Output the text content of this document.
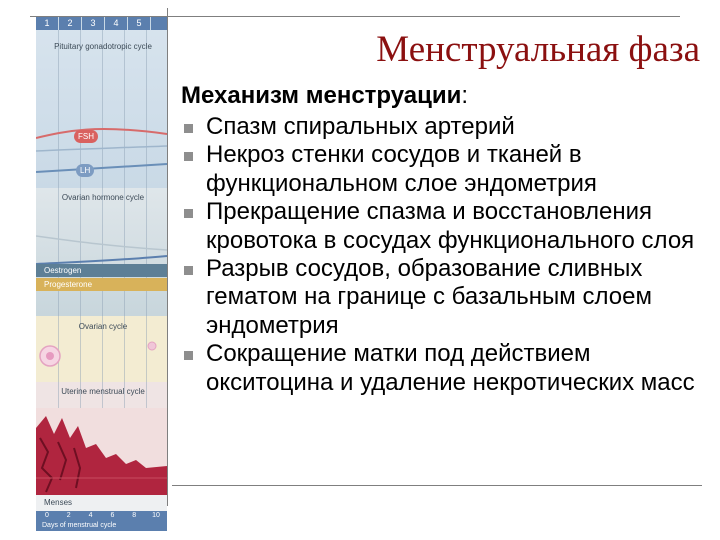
1	2	3	4	5
Pituitary gonadotropic cycle
FSH
LH
Ovarian hormone cycle
Oestrogen
Progesterone
Ovarian cycle
Uterine menstrual cycle
Menses
0	2	4	6	8	10
Days of menstrual cycle
Менструальная фаза
Механизм менструации:
Спазм спиральных артерий
Некроз стенки сосудов и тканей в функциональном слое эндометрия
Прекращение спазма и восстановления кровотока в сосудах функционального слоя
Разрыв сосудов, образование сливных гематом на границе с базальным слоем эндометрия
Сокращение матки под действием окситоцина и удаление некротических масс
